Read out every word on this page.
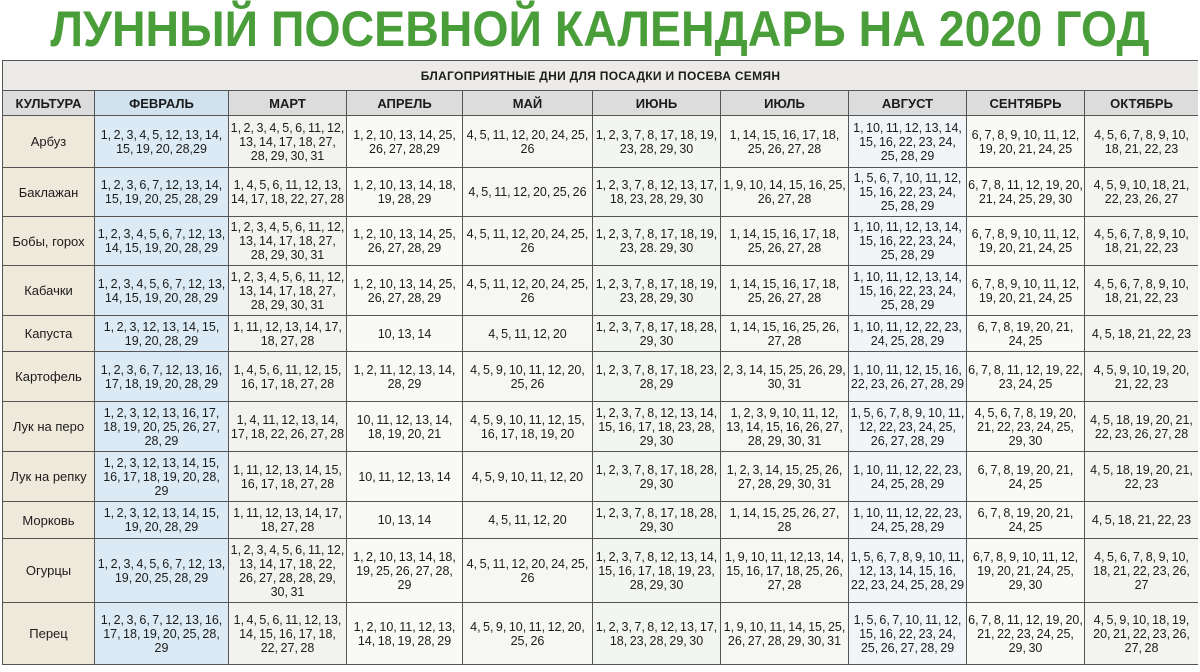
ЛУННЫЙ ПОСЕВНОЙ КАЛЕНДАРЬ НА 2020 ГОД
БЛАГОПРИЯТНЫЕ ДНИ ДЛЯ ПОСАДКИ И ПОСЕВА СЕМЯН									
КУЛЬТУРА	ФЕВРАЛЬ	МАРТ	АПРЕЛЬ	МАЙ	ИЮНЬ	ИЮЛЬ	АВГУСТ	СЕНТЯБРЬ	ОКТЯБРЬ
Арбуз	1, 2, 3, 4, 5, 12, 13, 14, 15, 19, 20, 28,29	1, 2, 3, 4, 5, 6, 11, 12, 13, 14, 17, 18, 27, 28, 29, 30, 31	1, 2, 10, 13, 14, 25, 26, 27, 28,29	4, 5, 11, 12, 20, 24, 25, 26	1, 2, 3, 7, 8, 17, 18, 19, 23, 28, 29, 30	1, 14, 15, 16, 17, 18, 25, 26, 27, 28	1, 10, 11, 12, 13, 14, 15, 16, 22, 23, 24, 25, 28, 29	6, 7, 8, 9, 10, 11, 12, 19, 20, 21, 24, 25	4, 5, 6, 7, 8, 9, 10, 18, 21, 22, 23
Баклажан	1, 2, 3, 6, 7, 12, 13, 14, 15, 19, 20, 25, 28, 29	1, 4, 5, 6, 11, 12, 13, 14, 17, 18, 22, 27, 28	1, 2, 10, 13, 14, 18, 19, 28, 29	4, 5, 11, 12, 20, 25, 26	1, 2, 3, 7, 8, 12, 13, 17, 18, 23, 28, 29, 30	1, 9, 10, 14, 15, 16, 25, 26, 27, 28	1, 5, 6, 7, 10, 11, 12, 15, 16, 22, 23, 24, 25, 28, 29	6, 7, 8, 11, 12, 19, 20, 21, 24, 25, 29, 30	4, 5, 9, 10, 18, 21, 22, 23, 26, 27
Бобы, горох	1, 2, 3, 4, 5, 6, 7, 12, 13, 14, 15, 19, 20, 28, 29	1, 2, 3, 4, 5, 6, 11, 12, 13, 14, 17, 18, 27, 28, 29, 30, 31	1, 2, 10, 13, 14, 25, 26, 27, 28, 29	4, 5, 11, 12, 20, 24, 25, 26	1, 2, 3, 7, 8, 17, 18, 19, 23, 28. 29, 30	1, 14, 15, 16, 17, 18, 25, 26, 27, 28	1, 10, 11, 12, 13, 14, 15, 16, 22, 23, 24, 25, 28, 29	6, 7, 8, 9, 10, 11, 12, 19, 20, 21, 24, 25	4, 5, 6, 7, 8, 9, 10, 18, 21, 22, 23
Кабачки	1, 2, 3, 4, 5, 6, 7, 12, 13, 14, 15, 19, 20, 28, 29	1, 2, 3, 4, 5, 6, 11, 12, 13, 14, 17, 18, 27, 28, 29, 30, 31	1, 2, 10, 13, 14, 25, 26, 27, 28, 29	4, 5, 11, 12, 20, 24, 25, 26	1, 2, 3, 7, 8, 17, 18, 19, 23, 28, 29, 30	1, 14, 15, 16, 17, 18, 25, 26, 27, 28	1, 10, 11, 12, 13, 14, 15, 16, 22, 23, 24, 25, 28, 29	6, 7, 8, 9, 10, 11, 12, 19, 20, 21, 24, 25	4, 5, 6, 7, 8, 9, 10, 18, 21, 22, 23
Капуста	1, 2, 3, 12, 13, 14, 15, 19, 20, 28, 29	1, 11, 12, 13, 14, 17, 18, 27, 28	10, 13, 14	4, 5, 11, 12, 20	1, 2, 3, 7, 8, 17, 18, 28, 29, 30	1, 14, 15, 16, 25, 26, 27, 28	1, 10, 11, 12, 22, 23, 24, 25, 28, 29	6, 7, 8, 19, 20, 21, 24, 25	4, 5, 18, 21, 22, 23
Картофель	1, 2, 3, 6, 7, 12, 13, 16, 17, 18, 19, 20, 28, 29	1, 4, 5, 6, 11, 12, 15, 16, 17, 18, 27, 28	1, 2, 11, 12, 13, 14, 28, 29	4, 5, 9, 10, 11, 12, 20, 25, 26	1, 2, 3, 7, 8, 17, 18, 23, 28, 29	2, 3, 14, 15, 25, 26, 29, 30, 31	1, 10, 11, 12, 15, 16, 22, 23, 26, 27, 28, 29	6, 7, 8, 11, 12, 19, 22, 23, 24, 25	4, 5, 9, 10, 19, 20, 21, 22, 23
Лук на перо	1, 2, 3, 12, 13, 16, 17, 18, 19, 20, 25, 26, 27, 28, 29	1, 4, 11, 12, 13, 14, 17, 18, 22, 26, 27, 28	10, 11, 12, 13, 14, 18, 19, 20, 21	4, 5, 9, 10, 11, 12, 15, 16, 17, 18, 19, 20	1, 2, 3, 7, 8, 12, 13, 14, 15, 16, 17, 18, 23, 28, 29, 30	1, 2, 3, 9, 10, 11, 12, 13, 14, 15, 16, 26, 27, 28, 29, 30, 31	1, 5, 6, 7, 8, 9, 10, 11, 12, 22, 23, 24, 25, 26, 27, 28, 29	4, 5, 6, 7, 8, 19, 20, 21, 22, 23, 24, 25, 29, 30	4, 5, 18, 19, 20, 21, 22, 23, 26, 27, 28
Лук на репку	1, 2, 3, 12, 13, 14, 15, 16, 17, 18, 19, 20, 28, 29	1, 11, 12, 13, 14, 15, 16, 17, 18, 27, 28	10, 11, 12, 13, 14	4, 5, 9, 10, 11, 12, 20	1, 2, 3, 7, 8, 17, 18, 28, 29, 30	1, 2, 3, 14, 15, 25, 26, 27, 28, 29, 30, 31	1, 10, 11, 12, 22, 23, 24, 25, 28, 29	6, 7, 8, 19, 20, 21, 24, 25	4, 5, 18, 19, 20, 21, 22, 23
Морковь	1, 2, 3, 12, 13, 14, 15, 19, 20, 28, 29	1, 11, 12, 13, 14, 17, 18, 27, 28	10, 13, 14	4, 5, 11, 12, 20	1, 2, 3, 7, 8, 17, 18, 28, 29, 30	1, 14, 15, 25, 26, 27, 28	1, 10, 11, 12, 22, 23, 24, 25, 28, 29	6, 7, 8, 19, 20, 21, 24, 25	4, 5, 18, 21, 22, 23
Огурцы	1, 2, 3, 4, 5, 6, 7, 12, 13, 19, 20, 25, 28, 29	1, 2, 3, 4, 5, 6, 11, 12, 13, 14, 17, 18, 22, 26, 27, 28, 28, 29, 30, 31	1, 2, 10, 13, 14, 18, 19, 25, 26, 27, 28, 29	4, 5, 11, 12, 20, 24, 25, 26	1, 2, 3, 7, 8, 12, 13, 14, 15, 16, 17, 18, 19, 23, 28, 29, 30	1, 9, 10, 11, 12,13, 14, 15, 16, 17, 18, 25, 26, 27, 28	1, 5, 6, 7, 8, 9, 10, 11, 12, 13, 14, 15, 16, 22, 23, 24, 25, 28, 29	6,7, 8, 9, 10, 11, 12, 19, 20, 21, 24, 25, 29, 30	4, 5, 6, 7, 8, 9, 10, 18, 21, 22, 23, 26, 27
Перец	1, 2, 3, 6, 7, 12, 13, 16, 17, 18, 19, 20, 25, 28, 29	1, 4, 5, 6, 11, 12, 13, 14, 15, 16, 17, 18, 22, 27, 28	1, 2, 10, 11, 12, 13, 14, 18, 19, 28, 29	4, 5, 9, 10, 11, 12, 20, 25, 26	1, 2, 3, 7, 8, 12, 13, 17, 18, 23, 28, 29, 30	1, 9, 10, 11, 14, 15, 25, 26, 27, 28, 29, 30, 31	1, 5, 6, 7, 10, 11, 12, 15, 16, 22, 23, 24, 25, 26, 27, 28, 29	6, 7, 8, 11, 12, 19, 20, 21, 22, 23, 24, 25, 29, 30	4, 5, 9, 10, 18, 19, 20, 21, 22, 23, 26, 27, 28
